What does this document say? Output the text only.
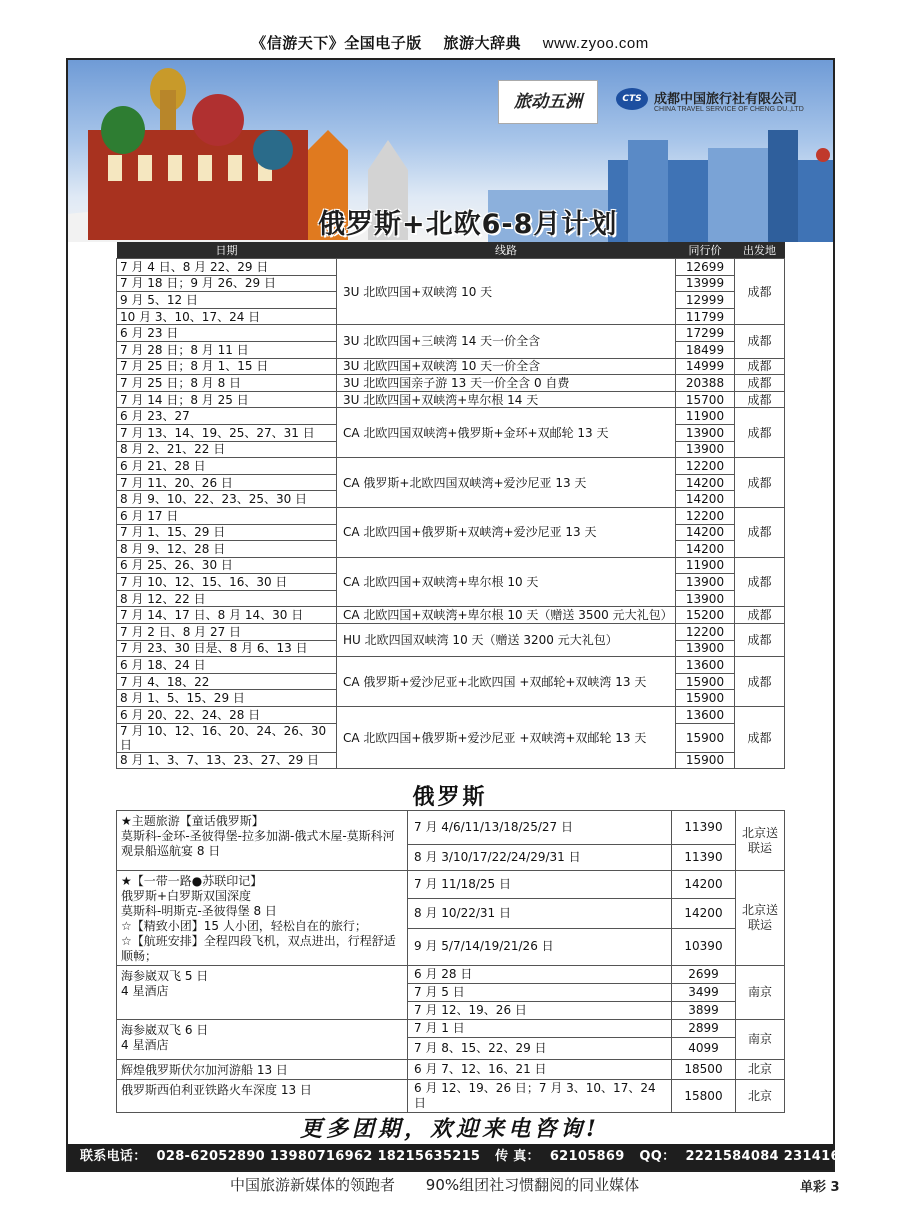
《信游天下》全国电子版 旅游大辞典 www.zyoo.com
旅动五洲	CTS 成都中国旅行社有限公司
CHINA TRAVEL SERVICE OF CHENG DU.,LTD
俄罗斯+北欧6-8月计划
日期	线路	同行价	出发地
7 月 4 日、8 月 22、29 日	3U 北欧四国+双峡湾 10 天	12699	成都
7 月 18 日；9 月 26、29 日		13999	
9 月 5、12 日		12999	
10 月 3、10、17、24 日		11799	
6 月 23 日	3U 北欧四国+三峡湾 14 天一价全含	17299	成都
7 月 28 日；8 月 11 日		18499	
7 月 25 日；8 月 1、15 日	3U 北欧四国+双峡湾 10 天一价全含	14999	成都
7 月 25 日；8 月 8 日	3U 北欧四国亲子游 13 天一价全含 0 自费	20388	成都
7 月 14 日；8 月 25 日	3U 北欧四国+双峡湾+卑尔根 14 天	15700	成都
6 月 23、27	CA 北欧四国双峡湾+俄罗斯+金环+双邮轮 13 天	11900	成都
7 月 13、14、19、25、27、31 日		13900	
8 月 2、21、22 日		13900	
6 月 21、28 日	CA 俄罗斯+北欧四国双峡湾+爱沙尼亚 13 天	12200	成都
7 月 11、20、26 日		14200	
8 月 9、10、22、23、25、30 日		14200	
6 月 17 日	CA 北欧四国+俄罗斯+双峡湾+爱沙尼亚 13 天	12200	成都
7 月 1、15、29 日		14200	
8 月 9、12、28 日		14200	
6 月 25、26、30 日	CA 北欧四国+双峡湾+卑尔根 10 天	11900	成都
7 月 10、12、15、16、30 日		13900	
8 月 12、22 日		13900	
7 月 14、17 日、8 月 14、30 日	CA 北欧四国+双峡湾+卑尔根 10 天（赠送 3500 元大礼包）	15200	成都
7 月 2 日、8 月 27 日	HU 北欧四国双峡湾 10 天（赠送 3200 元大礼包）	12200	成都
7 月 23、30 日是、8 月 6、13 日		13900	
6 月 18、24 日	CA 俄罗斯+爱沙尼亚+北欧四国 +双邮轮+双峡湾 13 天	13600	成都
7 月 4、18、22		15900	
8 月 1、5、15、29 日		15900	
6 月 20、22、24、28 日	CA 北欧四国+俄罗斯+爱沙尼亚 +双峡湾+双邮轮 13 天	13600	成都
7 月 10、12、16、20、24、26、30 日		15900	
8 月 1、3、7、13、23、27、29 日		15900	
俄罗斯
★主题旅游【童话俄罗斯】
莫斯科-金环-圣彼得堡-拉多加湖-俄式木屋-莫斯科河观景船巡航宴 8 日	7 月 4/6/11/13/18/25/27 日	11390	北京送联运
	8 月 3/10/17/22/24/29/31 日	11390	

★【一带一路●苏联印记】
俄罗斯+白罗斯双国深度
莫斯科-明斯克-圣彼得堡 8 日
☆【精致小团】15 人小团，轻松自在的旅行；
☆【航班安排】全程四段飞机，双点进出，行程舒适顺畅；	7 月 11/18/25 日	14200	北京送联运
	8 月 10/22/31 日	14200	
	9 月 5/7/14/19/21/26 日	10390	

海参崴双飞 5 日
4 星酒店	6 月 28 日	2699	南京
	7 月 5 日	3499	
	7 月 12、19、26 日	3899	

海参崴双飞 6 日
4 星酒店	7 月 1 日	2899	南京
	7 月 8、15、22、29 日	4099	

辉煌俄罗斯伏尔加河游船 13 日	6 月 7、12、16、21 日	18500	北京

俄罗斯西伯利亚铁路火车深度 13 日	6 月 12、19、26 日；7 月 3、10、17、24 日	15800	北京
更多团期，欢迎来电咨询!
联系电话： 028-62052890 13980716962 18215635215 传 真： 62105869 QQ： 2221584084 2314168520
中国旅游新媒体的领跑者 90%组团社习惯翻阅的同业媒体	单彩 3
